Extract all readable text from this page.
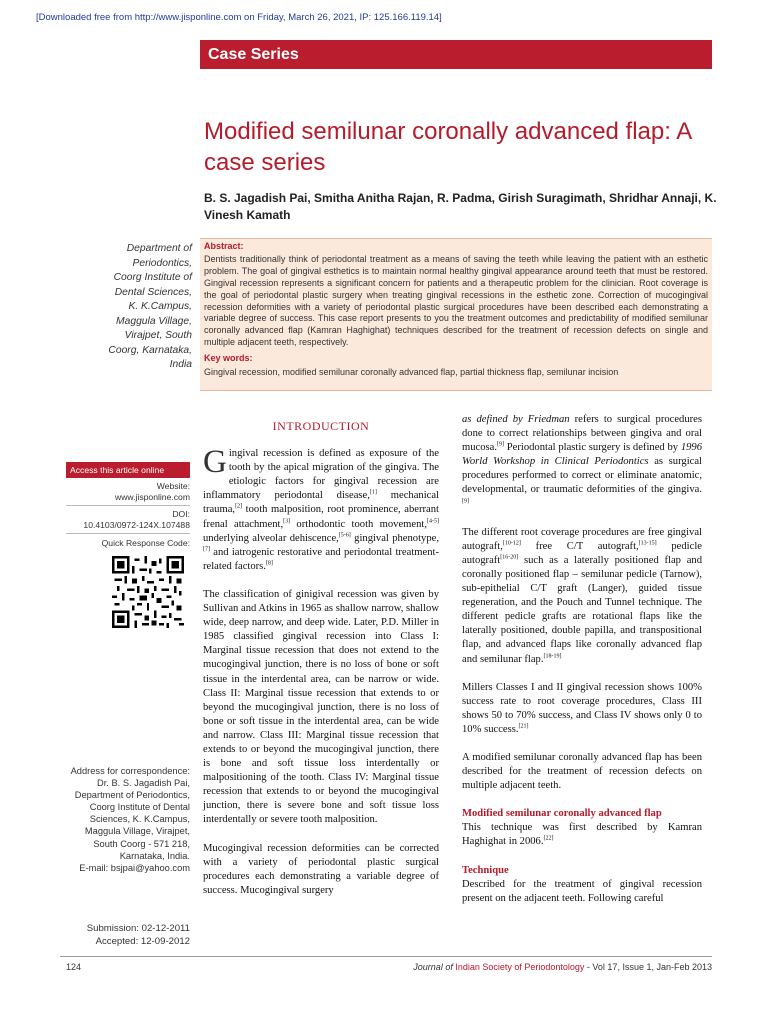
[Downloaded free from http://www.jisponline.com on Friday, March 26, 2021, IP: 125.166.119.14]
Case Series
Modified semilunar coronally advanced flap: A case series
B. S. Jagadish Pai, Smitha Anitha Rajan, R. Padma, Girish Suragimath, Shridhar Annaji, K. Vinesh Kamath
Department of Periodontics, Coorg Institute of Dental Sciences, K. K.Campus, Maggula Village, Virajpet, South Coorg, Karnataka, India
Abstract:
Dentists traditionally think of periodontal treatment as a means of saving the teeth while leaving the patient with an esthetic problem. The goal of gingival esthetics is to maintain normal healthy gingival appearance around teeth that must be restored. Gingival recession represents a significant concern for patients and a therapeutic problem for the clinician. Root coverage is the goal of periodontal plastic surgery when treating gingival recessions in the esthetic zone. Correction of mucogingival recession deformities with a variety of periodontal plastic surgical procedures have been described each demonstrating a variable degree of success. This case report presents to you the treatment outcomes and predictability of modified semilunar coronally advanced flap (Kamran Haghighat) techniques described for the treatment of recession defects on single and multiple adjacent teeth, respectively.
Key words:
Gingival recession, modified semilunar coronally advanced flap, partial thickness flap, semilunar incision
Access this article online
Website:
www.jisponline.com
DOI:
10.4103/0972-124X.107488
Quick Response Code:
Address for correspondence:
Dr. B. S. Jagadish Pai, Department of Periodontics, Coorg Institute of Dental Sciences, K. K.Campus, Maggula Village, Virajpet, South Coorg - 571 218, Karnataka, India.
E-mail: bsjpai@yahoo.com
Submission: 02-12-2011
Accepted: 12-09-2012
INTRODUCTION

Gingival recession is defined as exposure of the tooth by the apical migration of the gingiva. The etiologic factors for gingival recession are inflammatory periodontal disease,[1] mechanical trauma,[2] tooth malposition, root prominence, aberrant frenal attachment,[3] orthodontic tooth movement,[4-5] underlying alveolar dehiscence,[5-6] gingival phenotype,[7] and iatrogenic restorative and periodontal treatment-related factors.[8]

The classification of ginigival recession was given by Sullivan and Atkins in 1965 as shallow narrow, shallow wide, deep narrow, and deep wide. Later, P.D. Miller in 1985 classified gingival recession into Class I: Marginal tissue recession that does not extend to the mucogingival junction, there is no loss of bone or soft tissue in the interdental area, can be narrow or wide. Class II: Marginal tissue recession that extends to or beyond the mucogingival junction, there is no loss of bone or soft tissue in the interdental area, can be wide and narrow. Class III: Marginal tissue recession that extends to or beyond the mucogingival junction, there is bone and soft tissue loss interdentally or malpositioning of the tooth. Class IV: Marginal tissue recession that extends to or beyond the mucogingival junction, there is severe bone and soft tissue loss interdentally or severe tooth malposition.

Mucogingival recession deformities can be corrected with a variety of periodontal plastic surgical procedures each demonstrating a variable degree of success. Mucogingival surgery

as defined by Friedman refers to surgical procedures done to correct relationships between gingiva and oral mucosa.[9] Periodontal plastic surgery is defined by 1996 World Workshop in Clinical Periodontics as surgical procedures performed to correct or eliminate anatomic, developmental, or traumatic deformities of the gingiva.[9]

The different root coverage procedures are free gingival autograft,[10-12] free C/T autograft,[13-15] pedicle autograft[16-20] such as a laterally positioned flap and coronally positioned flap – semilunar pedicle (Tarnow), sub-epithelial C/T graft (Langer), guided tissue regeneration, and the Pouch and Tunnel technique. The different pedicle grafts are rotational flaps like the laterally positioned, double papilla, and transpositional flap, and advanced flaps like coronally advanced flap and semilunar flap.[18-19]

Millers Classes I and II gingival recession shows 100% success rate to root coverage procedures, Class III shows 50 to 70% success, and Class IV shows only 0 to 10% success.[21]

A modified semilunar coronally advanced flap has been described for the treatment of recession defects on multiple adjacent teeth.

Modified semilunar coronally advanced flap

This technique was first described by Kamran Haghighat in 2006.[22]

Technique

Described for the treatment of gingival recession present on the adjacent teeth. Following careful

124	Journal of Indian Society of Periodontology - Vol 17, Issue 1, Jan-Feb 2013
